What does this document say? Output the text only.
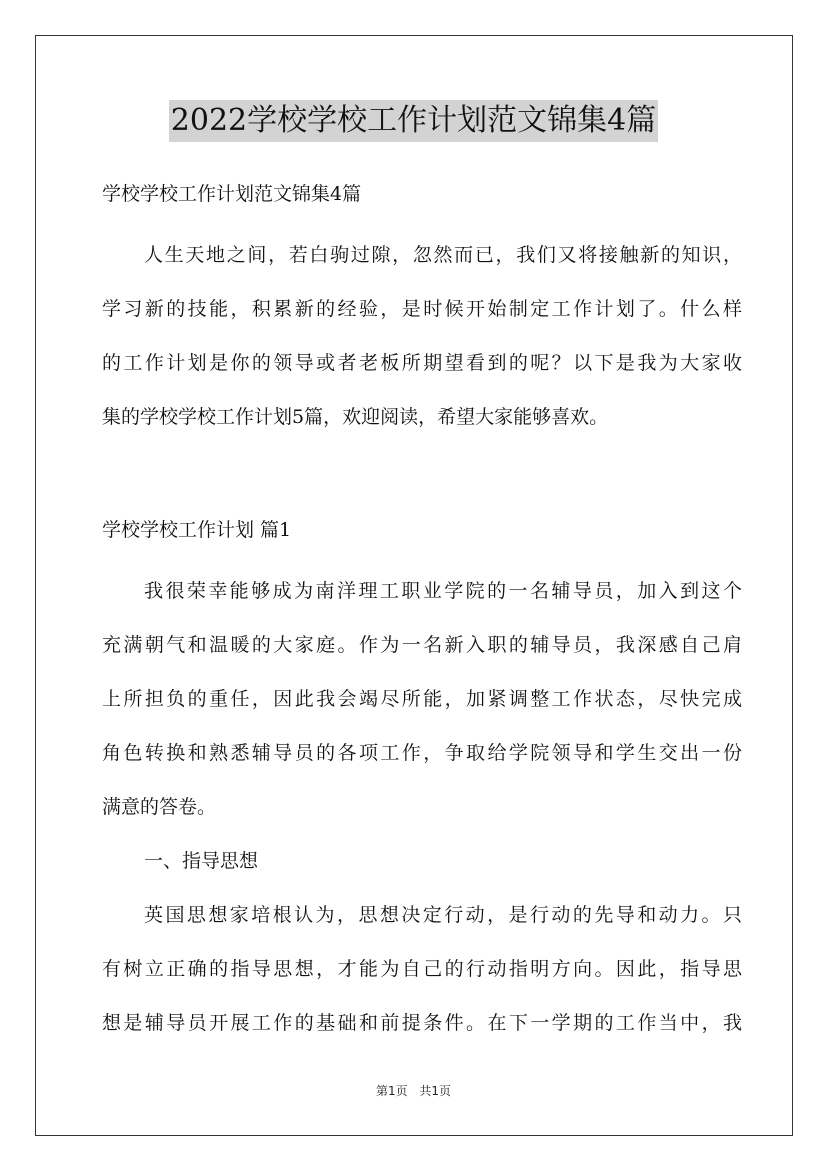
2022学校学校工作计划范文锦集4篇
学校学校工作计划范文锦集4篇
人生天地之间，若白驹过隙，忽然而已，我们又将接触新的知识，
学习新的技能，积累新的经验，是时候开始制定工作计划了。什么样
的工作计划是你的领导或者老板所期望看到的呢？以下是我为大家收
集的学校学校工作计划5篇，欢迎阅读，希望大家能够喜欢。
学校学校工作计划 篇1
我很荣幸能够成为南洋理工职业学院的一名辅导员，加入到这个
充满朝气和温暖的大家庭。作为一名新入职的辅导员，我深感自己肩
上所担负的重任，因此我会竭尽所能，加紧调整工作状态，尽快完成
角色转换和熟悉辅导员的各项工作，争取给学院领导和学生交出一份
满意的答卷。
一、指导思想
英国思想家培根认为，思想决定行动，是行动的先导和动力。只
有树立正确的指导思想，才能为自己的行动指明方向。因此，指导思
想是辅导员开展工作的基础和前提条件。在下一学期的工作当中，我
第1页 共1页
